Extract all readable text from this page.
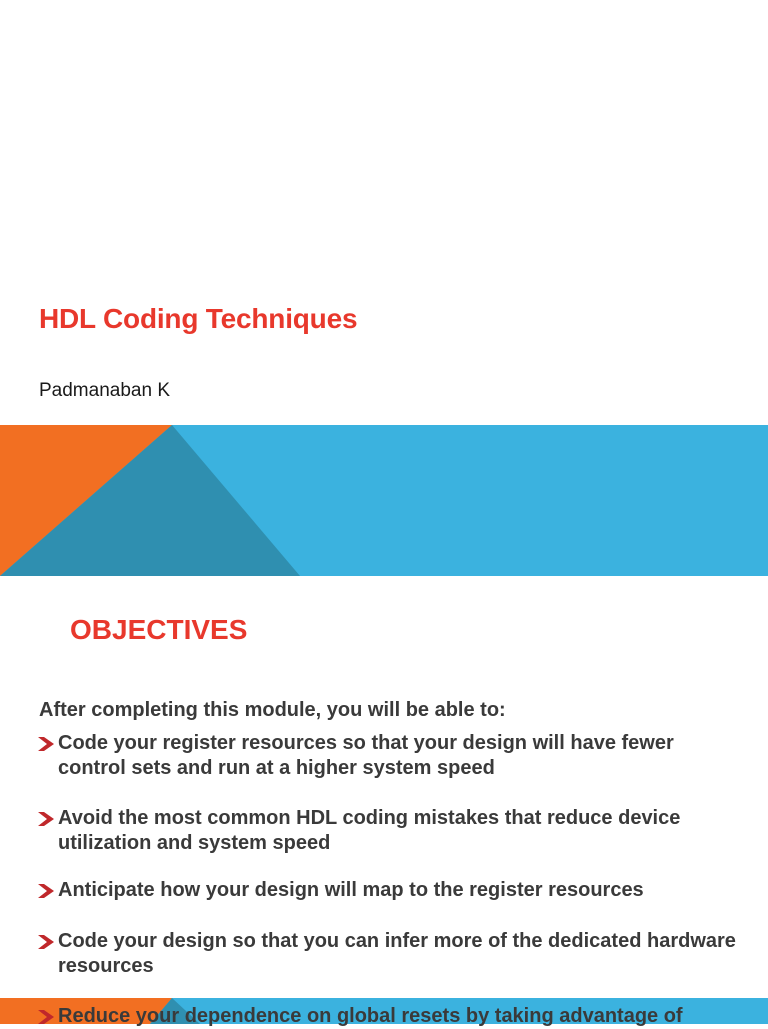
HDL Coding Techniques

Padmanaban K

OBJECTIVES

After completing this module, you will be able to:

Code your register resources so that your design will have fewer control sets and run at a higher system speed
Avoid the most common HDL coding mistakes that reduce device utilization and system speed
Anticipate how your design will map to the register resources
Code your design so that you can infer more of the dedicated hardware resources
Reduce your dependence on global resets by taking advantage of
